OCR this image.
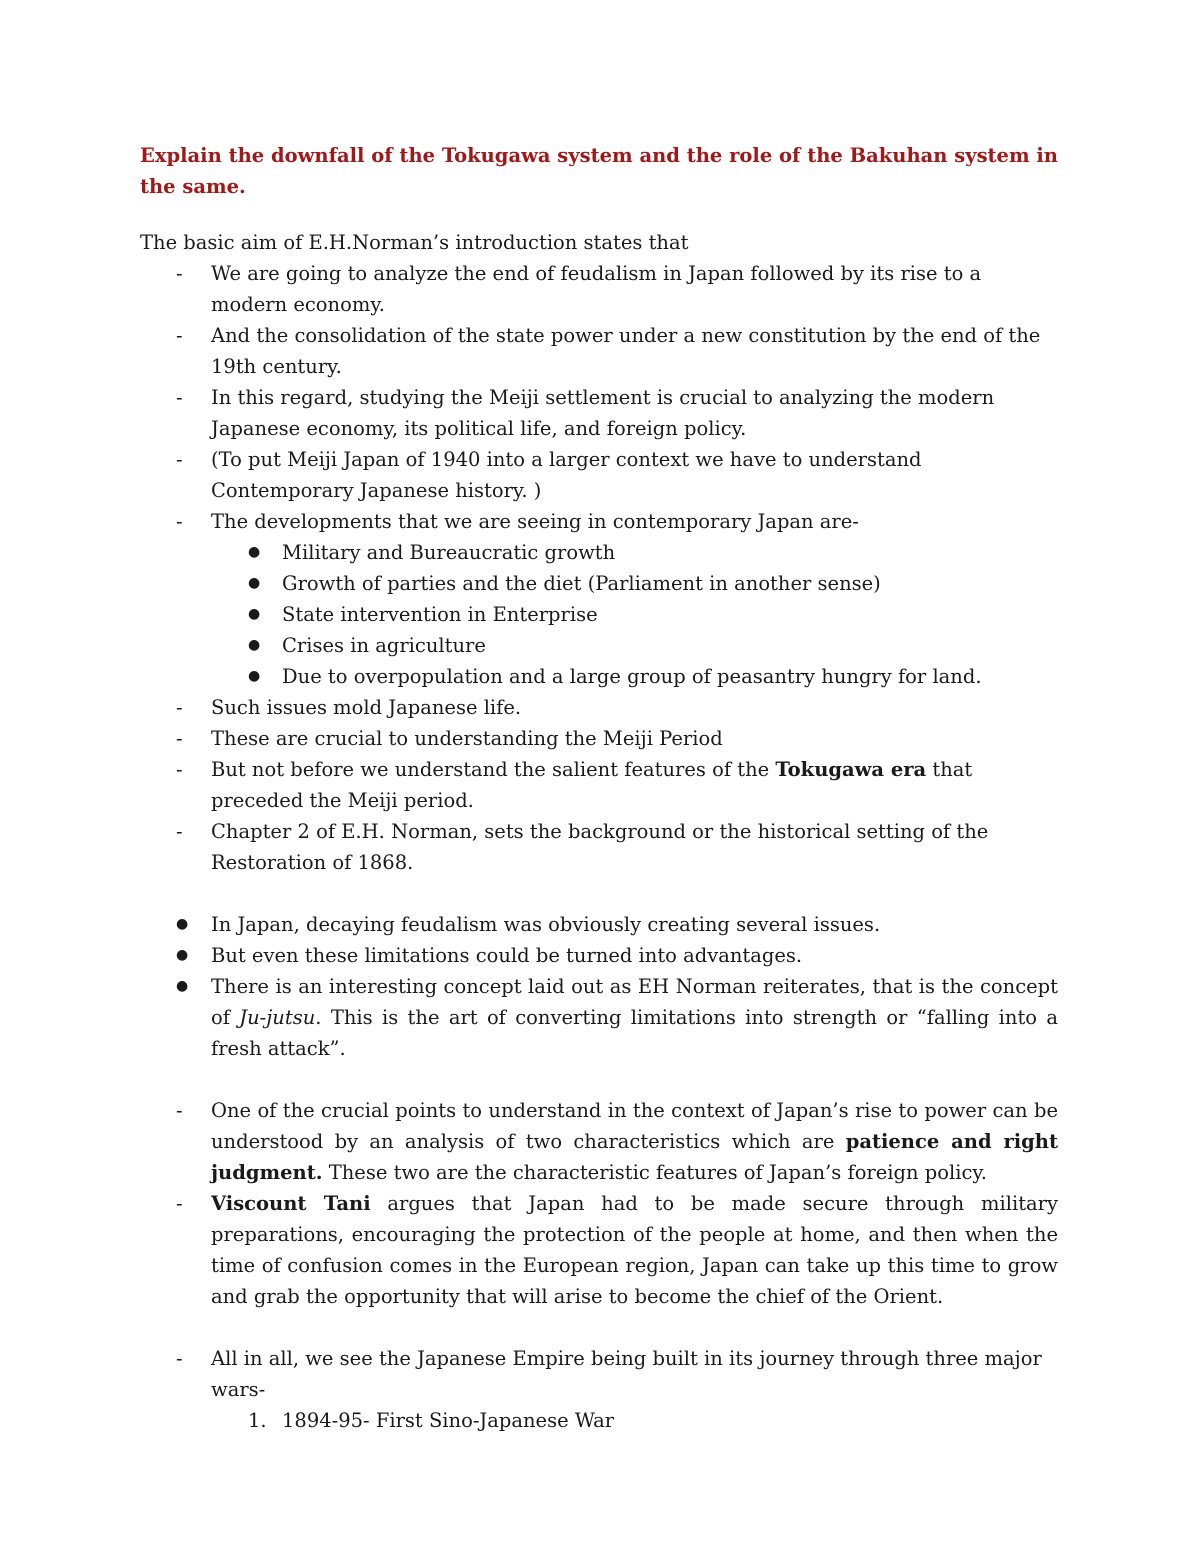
Explain the downfall of the Tokugawa system and the role of the Bakuhan system in the same.
The basic aim of E.H.Norman’s introduction states that
- We are going to analyze the end of feudalism in Japan followed by its rise to a modern economy.
- And the consolidation of the state power under a new constitution by the end of the 19th century.
- In this regard, studying the Meiji settlement is crucial to analyzing the modern Japanese economy, its political life, and foreign policy.
- (To put Meiji Japan of 1940 into a larger context we have to understand Contemporary Japanese history. )
- The developments that we are seeing in contemporary Japan are-
● Military and Bureaucratic growth
● Growth of parties and the diet (Parliament in another sense)
● State intervention in Enterprise
● Crises in agriculture
● Due to overpopulation and a large group of peasantry hungry for land.
- Such issues mold Japanese life.
- These are crucial to understanding the Meiji Period
- But not before we understand the salient features of the Tokugawa era that preceded the Meiji period.
- Chapter 2 of E.H. Norman, sets the background or the historical setting of the Restoration of 1868.
● In Japan, decaying feudalism was obviously creating several issues.
● But even these limitations could be turned into advantages.
● There is an interesting concept laid out as EH Norman reiterates, that is the concept of Ju-jutsu. This is the art of converting limitations into strength or “falling into a fresh attack”.
- One of the crucial points to understand in the context of Japan’s rise to power can be understood by an analysis of two characteristics which are patience and right judgment. These two are the characteristic features of Japan’s foreign policy.
- Viscount Tani argues that Japan had to be made secure through military preparations, encouraging the protection of the people at home, and then when the time of confusion comes in the European region, Japan can take up this time to grow and grab the opportunity that will arise to become the chief of the Orient.
- All in all, we see the Japanese Empire being built in its journey through three major wars-
1. 1894-95- First Sino-Japanese War
